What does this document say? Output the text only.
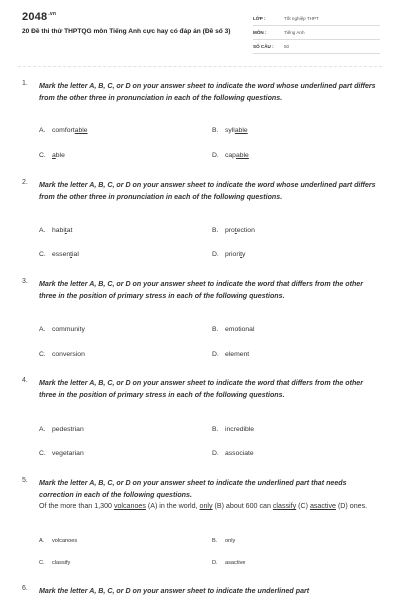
$2048^{.vn}$
20 Đề thi thử THPTQG môn Tiếng Anh cực hay có đáp án (Đề số 3)
LỚP :	Tốt nghiệp THPT
MÔN :	Tiếng Anh
SỐ CÂU : 50
1. Mark the letter A, B, C, or D on your answer sheet to indicate the word whose underlined part differs from the other three in pronunciation in each of the following questions.
A. comfortable	B. syllable
C. able	D. capable
2. Mark the letter A, B, C, or D on your answer sheet to indicate the word whose underlined part differs from the other three in pronunciation in each of the following questions.
A. habitat	B. protection
C. essential	D. priority
3. Mark the letter A, B, C, or D on your answer sheet to indicate the word that differs from the other three in the position of primary stress in each of the following questions.
A. community	B. emotional
C. conversion	D. element
4. Mark the letter A, B, C, or D on your answer sheet to indicate the word that differs from the other three in the position of primary stress in each of the following questions.
A. pedestrian	B. incredible
C. vegetarian	D. associate
5. Mark the letter A, B, C, or D on your answer sheet to indicate the underlined part that needs correction in each of the following questions.
Of the more than 1,300 volcanoes (A) in the world, only (B) about 600 can classify (C) asactive (D) ones.
A. volcanoes	B. only
C. classify	D. asactive
6. Mark the letter A, B, C, or D on your answer sheet to indicate the underlined part
